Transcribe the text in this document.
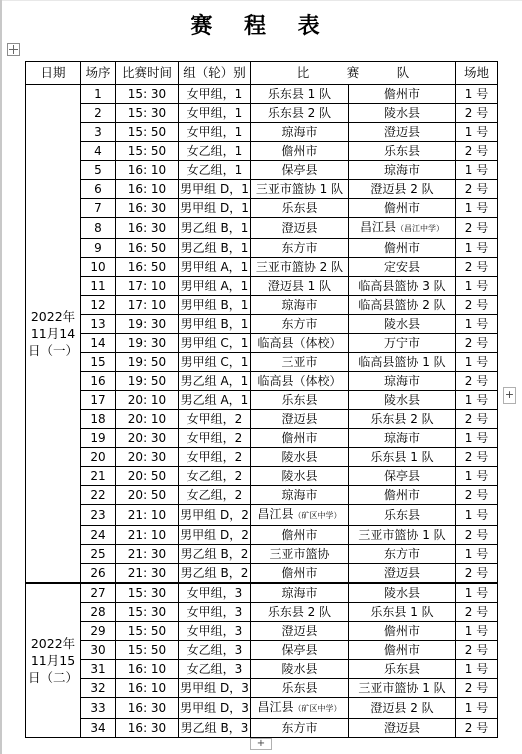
赛 程 表
日期	场序	比赛时间	组（轮）别	比　　　赛　　　队		场地

2022年11月14日（一）	1	15: 30	女甲组，1	乐东县 1 队	儋州市	1 号
	2	15: 30	女甲组，1	乐东县 2 队	陵水县	2 号
	3	15: 50	女甲组，1	琼海市	澄迈县	1 号
	4	15: 50	女乙组，1	儋州市	乐东县	2 号
	5	16: 10	女乙组，1	保亭县	琼海市	1 号
	6	16: 10	男甲组 D，1	三亚市篮协 1 队	澄迈县 2 队	2 号
	7	16: 30	男甲组 D，1	乐东县	儋州市	1 号
	8	16: 30	男乙组 B，1	澄迈县	昌江县（昌江中学）	2 号
	9	16: 50	男乙组 B，1	东方市	儋州市	1 号
	10	16: 50	男甲组 A，1	三亚市篮协 2 队	定安县	2 号
	11	17: 10	男甲组 A，1	澄迈县 1 队	临高县篮协 3 队	1 号
	12	17: 10	男甲组 B，1	琼海市	临高县篮协 2 队	2 号
	13	19: 30	男甲组 B，1	东方市	陵水县	1 号
	14	19: 30	男甲组 C，1	临高县（体校）	万宁市	2 号
	15	19: 50	男甲组 C，1	三亚市	临高县篮协 1 队	1 号
	16	19: 50	男乙组 A，1	临高县（体校）	琼海市	2 号
	17	20: 10	男乙组 A，1	乐东县	陵水县	1 号
	18	20: 10	女甲组，2	澄迈县	乐东县 2 队	2 号
	19	20: 30	女甲组，2	儋州市	琼海市	1 号
	20	20: 30	女甲组，2	陵水县	乐东县 1 队	2 号
	21	20: 50	女乙组，2	陵水县	保亭县	1 号
	22	20: 50	女乙组，2	琼海市	儋州市	2 号
	23	21: 10	男甲组 D，2	昌江县（矿区中学）	乐东县	1 号
	24	21: 10	男甲组 D，2	儋州市	三亚市篮协 1 队	2 号
	25	21: 30	男乙组 B，2	三亚市篮协	东方市	1 号
	26	21: 30	男乙组 B，2	儋州市	澄迈县	2 号

2022年11月15日（二）	27	15: 30	女甲组，3	琼海市	陵水县	1 号
	28	15: 30	女甲组，3	乐东县 2 队	乐东县 1 队	2 号
	29	15: 50	女甲组，3	澄迈县	儋州市	1 号
	30	15: 50	女乙组，3	保亭县	儋州市	2 号
	31	16: 10	女乙组，3	陵水县	乐东县	1 号
	32	16: 10	男甲组 D，3	乐东县	三亚市篮协 1 队	2 号
	33	16: 30	男甲组 D，3	昌江县（矿区中学）	澄迈县 2 队	1 号
	34	16: 30	男乙组 B，3	东方市	澄迈县	2 号
+
+
